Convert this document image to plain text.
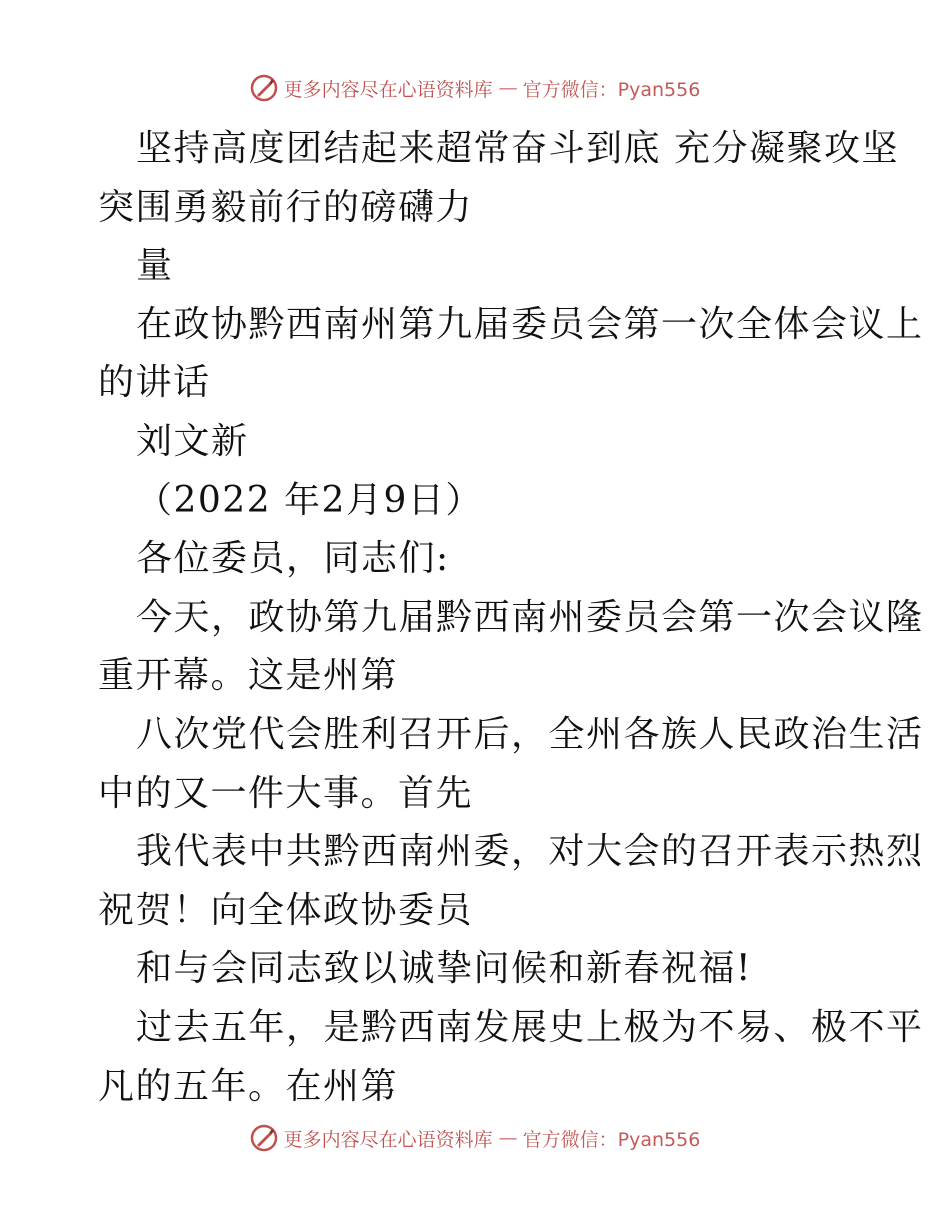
更多内容尽在心语资料库 — 官方微信：Pyan556
坚持高度团结起来超常奋斗到底 充分凝聚攻坚
突围勇毅前行的磅礴力
量
在政协黔西南州第九届委员会第一次全体会议上
的讲话
刘文新
（2022 年2月9日）
各位委员，同志们:
今天，政协第九届黔西南州委员会第一次会议隆
重开幕。这是州第
八次党代会胜利召开后，全州各族人民政治生活
中的又一件大事。首先
我代表中共黔西南州委，对大会的召开表示热烈
祝贺！向全体政协委员
和与会同志致以诚挚问候和新春祝福!
过去五年，是黔西南发展史上极为不易、极不平
凡的五年。在州第
更多内容尽在心语资料库 — 官方微信：Pyan556
